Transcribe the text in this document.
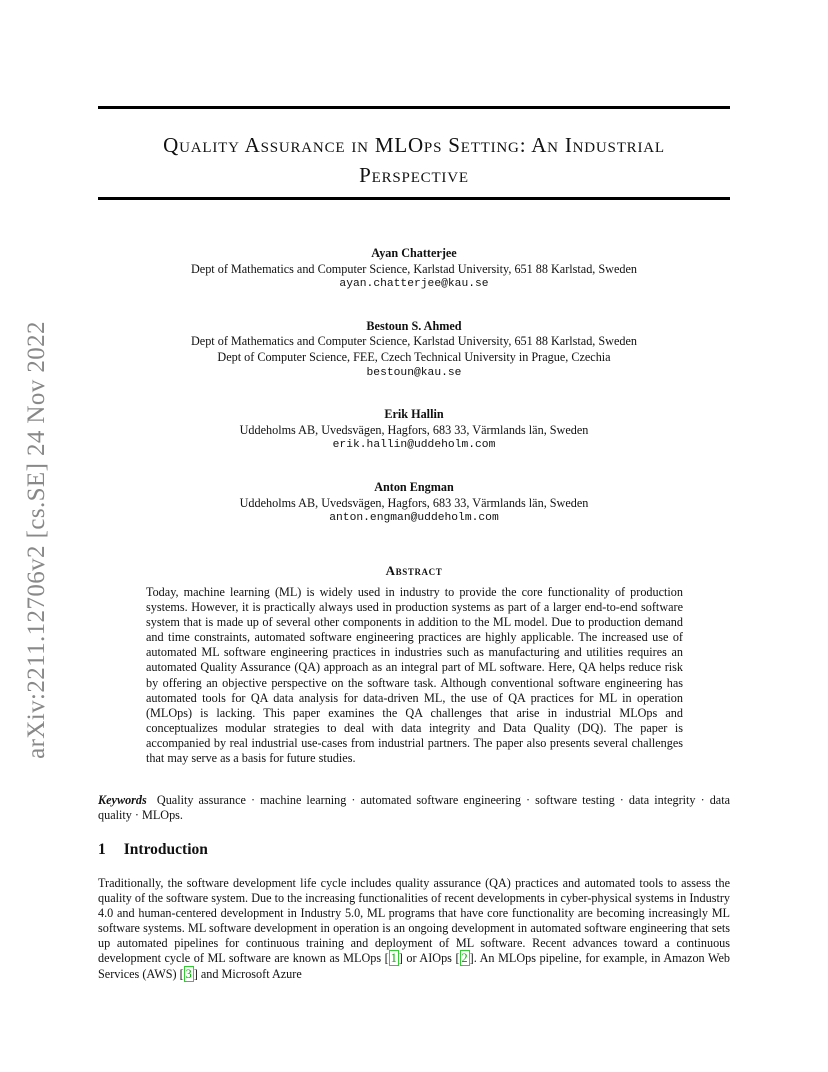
arXiv:2211.12706v2 [cs.SE] 24 Nov 2022
Quality Assurance in MLOps Setting: An Industrial
Perspective
Ayan Chatterjee
Dept of Mathematics and Computer Science, Karlstad University, 651 88 Karlstad, Sweden
ayan.chatterjee@kau.se
Bestoun S. Ahmed
Dept of Mathematics and Computer Science, Karlstad University, 651 88 Karlstad, Sweden
Dept of Computer Science, FEE, Czech Technical University in Prague, Czechia
bestoun@kau.se
Erik Hallin
Uddeholms AB, Uvedsvägen, Hagfors, 683 33, Värmlands län, Sweden
erik.hallin@uddeholm.com
Anton Engman
Uddeholms AB, Uvedsvägen, Hagfors, 683 33, Värmlands län, Sweden
anton.engman@uddeholm.com
Abstract

Today, machine learning (ML) is widely used in industry to provide the core functionality of production systems. However, it is practically always used in production systems as part of a larger end-to-end software system that is made up of several other components in addition to the ML model. Due to production demand and time constraints, automated software engineering practices are highly applicable. The increased use of automated ML software engineering practices in industries such as manufacturing and utilities requires an automated Quality Assurance (QA) approach as an integral part of ML software. Here, QA helps reduce risk by offering an objective perspective on the software task. Although conventional software engineering has automated tools for QA data analysis for data-driven ML, the use of QA practices for ML in operation (MLOps) is lacking. This paper examines the QA challenges that arise in industrial MLOps and conceptualizes modular strategies to deal with data integrity and Data Quality (DQ). The paper is accompanied by real industrial use-cases from industrial partners. The paper also presents several challenges that may serve as a basis for future studies.

Keywords Quality assurance · machine learning · automated software engineering · software testing · data integrity · data quality · MLOps.

1 Introduction

Traditionally, the software development life cycle includes quality assurance (QA) practices and automated tools to assess the quality of the software system. Due to the increasing functionalities of recent developments in cyber-physical systems in Industry 4.0 and human-centered development in Industry 5.0, ML programs that have core functionality are becoming increasingly ML software systems. ML software development in operation is an ongoing development in automated software engineering that sets up automated pipelines for continuous training and deployment of ML software. Recent advances toward a continuous development cycle of ML software are known as MLOps [ 1 ] or AIOps [ 2 ]. An MLOps pipeline, for example, in Amazon Web Services (AWS) [ 3 ] and Microsoft Azure
